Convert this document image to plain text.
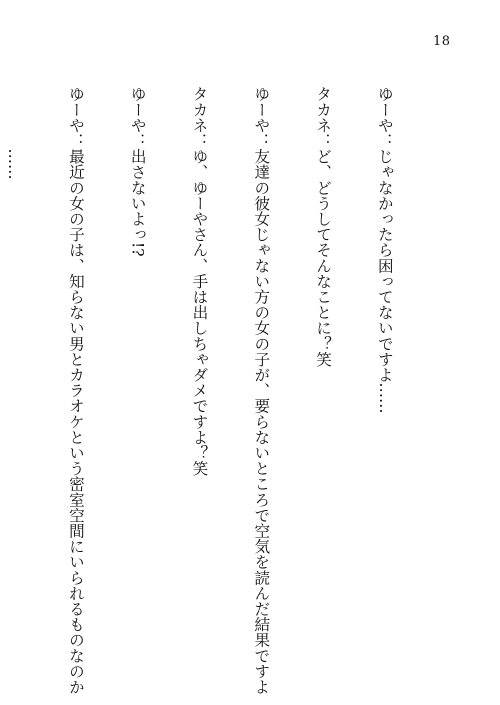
18

ゆーや：じゃなかったら困ってないですよ……

タカネ：ど、どうしてそんなことに？笑

ゆーや：友達の彼女じゃない方の女の子が、要らないところで空気を読んだ結果ですよ

タカネ：ゆ、ゆーやさん、手は出しちゃダメですよ？笑

ゆーや：出さないよっ!?

ゆーや：最近の女の子は、知らない男とカラオケという密室空間にいられるものなのか

　　　　……
